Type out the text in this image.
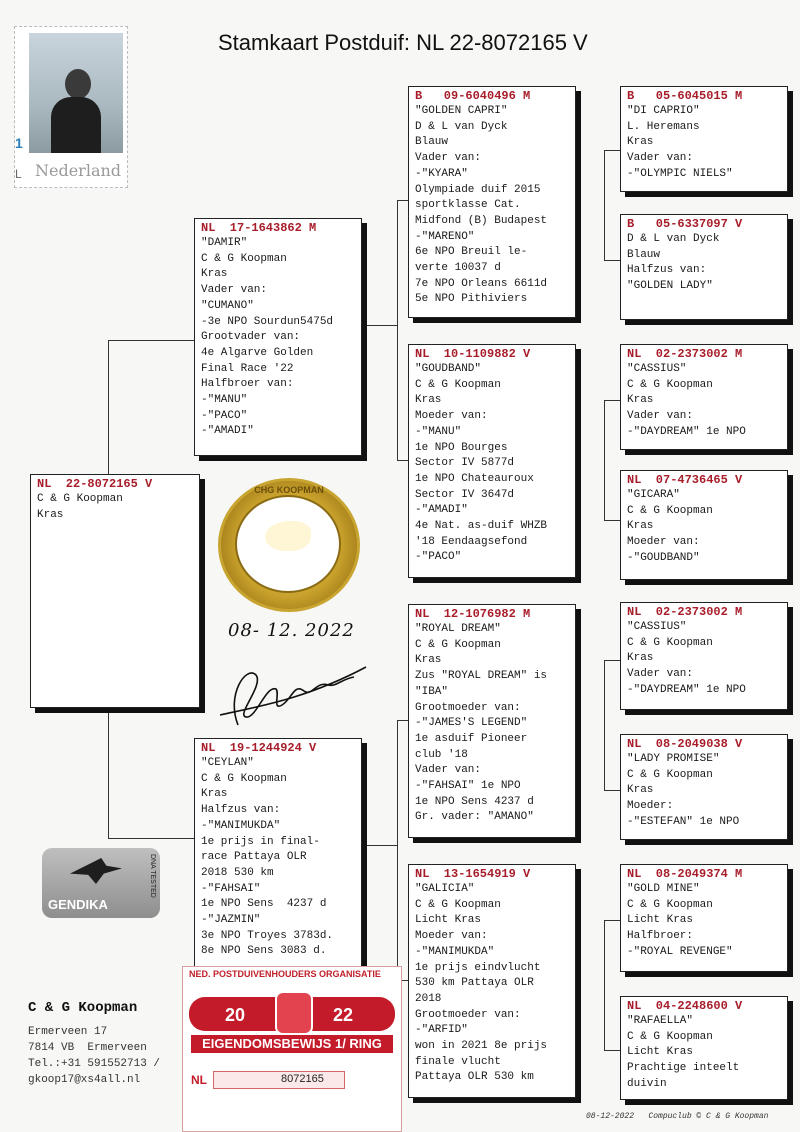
Stamkaart Postduif: NL 22-8072165 V
1
L Nederland
NL  22-8072165 V
C & G Koopman
Kras
NL  17-1643862 M
"DAMIR"
C & G Koopman
Kras
Vader van:
"CUMANO"
-3e NPO Sourdun5475d
Grootvader van:
4e Algarve Golden
Final Race '22
Halfbroer van:
-"MANU"
-"PACO"
-"AMADI"
NL  19-1244924 V
"CEYLAN"
C & G Koopman
Kras
Halfzus van:
-"MANIMUKDA"
1e prijs in final-
race Pattaya OLR
2018 530 km
-"FAHSAI"
1e NPO Sens  4237 d
-"JAZMIN"
3e NPO Troyes 3783d.
8e NPO Sens 3083 d.
B   09-6040496 M
"GOLDEN CAPRI"
D & L van Dyck
Blauw
Vader van:
-"KYARA"
Olympiade duif 2015
sportklasse Cat.
Midfond (B) Budapest
-"MARENO"
6e NPO Breuil le-
verte 10037 d
7e NPO Orleans 6611d
5e NPO Pithiviers
NL  10-1109882 V
"GOUDBAND"
C & G Koopman
Kras
Moeder van:
-"MANU"
1e NPO Bourges
Sector IV 5877d
1e NPO Chateauroux
Sector IV 3647d
-"AMADI"
4e Nat. as-duif WHZB
'18 Eendaagsefond
-"PACO"
NL  12-1076982 M
"ROYAL DREAM"
C & G Koopman
Kras
Zus "ROYAL DREAM" is
"IBA"
Grootmoeder van:
-"JAMES'S LEGEND"
1e asduif Pioneer
club '18
Vader van:
-"FAHSAI" 1e NPO
1e NPO Sens 4237 d
Gr. vader: "AMANO"
NL  13-1654919 V
"GALICIA"
C & G Koopman
Licht Kras
Moeder van:
-"MANIMUKDA"
1e prijs eindvlucht
530 km Pattaya OLR
2018
Grootmoeder van:
-"ARFID"
won in 2021 8e prijs
finale vlucht
Pattaya OLR 530 km
B   05-6045015 M
"DI CAPRIO"
L. Heremans
Kras
Vader van:
-"OLYMPIC NIELS"
B   05-6337097 V
D & L van Dyck
Blauw
Halfzus van:
"GOLDEN LADY"
NL  02-2373002 M
"CASSIUS"
C & G Koopman
Kras
Vader van:
-"DAYDREAM" 1e NPO
NL  07-4736465 V
"GICARA"
C & G Koopman
Kras
Moeder van:
-"GOUDBAND"
NL  02-2373002 M
"CASSIUS"
C & G Koopman
Kras
Vader van:
-"DAYDREAM" 1e NPO
NL  08-2049038 V
"LADY PROMISE"
C & G Koopman
Kras
Moeder:
-"ESTEFAN" 1e NPO
NL  08-2049374 M
"GOLD MINE"
C & G Koopman
Licht Kras
Halfbroer:
-"ROYAL REVENGE"
NL  04-2248600 V
"RAFAELLA"
C & G Koopman
Licht Kras
Prachtige inteelt
duivin
CHG KOOPMAN
08- 12. 2022
GENDIKA
DNA TESTED
C & G Koopman
Ermerveen 17
7814 VB  Ermerveen
Tel.:+31 591552713 /
gkoop17@xs4all.nl
NED. POSTDUIVENHOUDERS ORGANISATIE
20	22
EIGENDOMSBEWIJS 1/ RING
NL	8072165
08-12-2022   Compuclub © C & G Koopman
